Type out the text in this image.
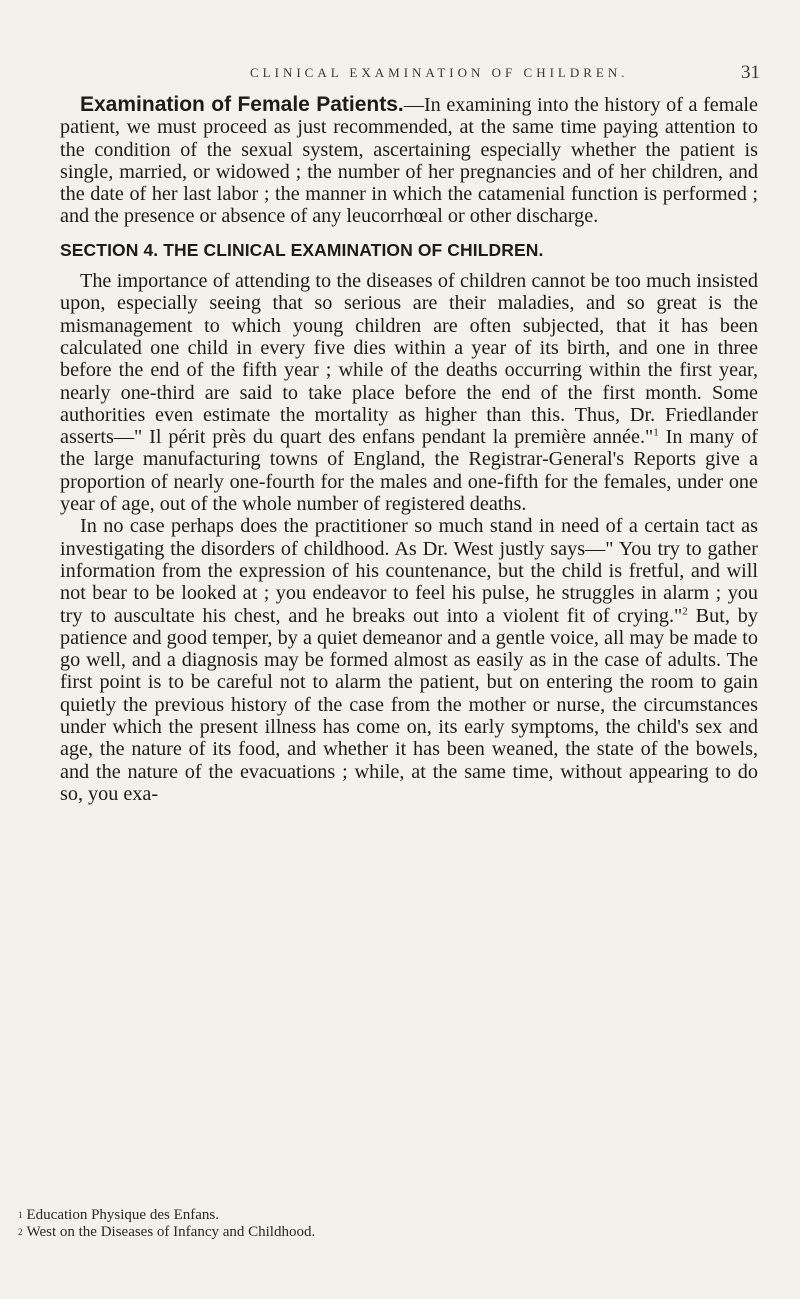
CLINICAL EXAMINATION OF CHILDREN.	31

Examination of Female Patients.—In examining into the history of a female patient, we must proceed as just recommended, at the same time paying attention to the condition of the sexual system, ascertaining especially whether the patient is single, married, or widowed ; the number of her pregnancies and of her children, and the date of her last labor ; the manner in which the catamenial function is performed ; and the presence or absence of any leucorrhœal or other discharge.

SECTION 4. THE CLINICAL EXAMINATION OF CHILDREN.

The importance of attending to the diseases of children cannot be too much insisted upon, especially seeing that so serious are their maladies, and so great is the mismanagement to which young children are often subjected, that it has been calculated one child in every five dies within a year of its birth, and one in three before the end of the fifth year ; while of the deaths occurring within the first year, nearly one-third are said to take place before the end of the first month. Some authorities even estimate the mortality as higher than this. Thus, Dr. Friedlander asserts—" Il périt près du quart des enfans pendant la première année."$^1$ In many of the large manufacturing towns of England, the Registrar-General's Reports give a proportion of nearly one-fourth for the males and one-fifth for the females, under one year of age, out of the whole number of registered deaths.

In no case perhaps does the practitioner so much stand in need of a certain tact as investigating the disorders of childhood. As Dr. West justly says—" You try to gather information from the expression of his countenance, but the child is fretful, and will not bear to be looked at ; you endeavor to feel his pulse, he struggles in alarm ; you try to auscultate his chest, and he breaks out into a violent fit of crying."$^2$ But, by patience and good temper, by a quiet demeanor and a gentle voice, all may be made to go well, and a diagnosis may be formed almost as easily as in the case of adults. The first point is to be careful not to alarm the patient, but on entering the room to gain quietly the previous history of the case from the mother or nurse, the circumstances under which the present illness has come on, its early symptoms, the child's sex and age, the nature of its food, and whether it has been weaned, the state of the bowels, and the nature of the evacuations ; while, at the same time, without appearing to do so, you exa-

$^1$ Education Physique des Enfans.

$^2$ West on the Diseases of Infancy and Childhood.
